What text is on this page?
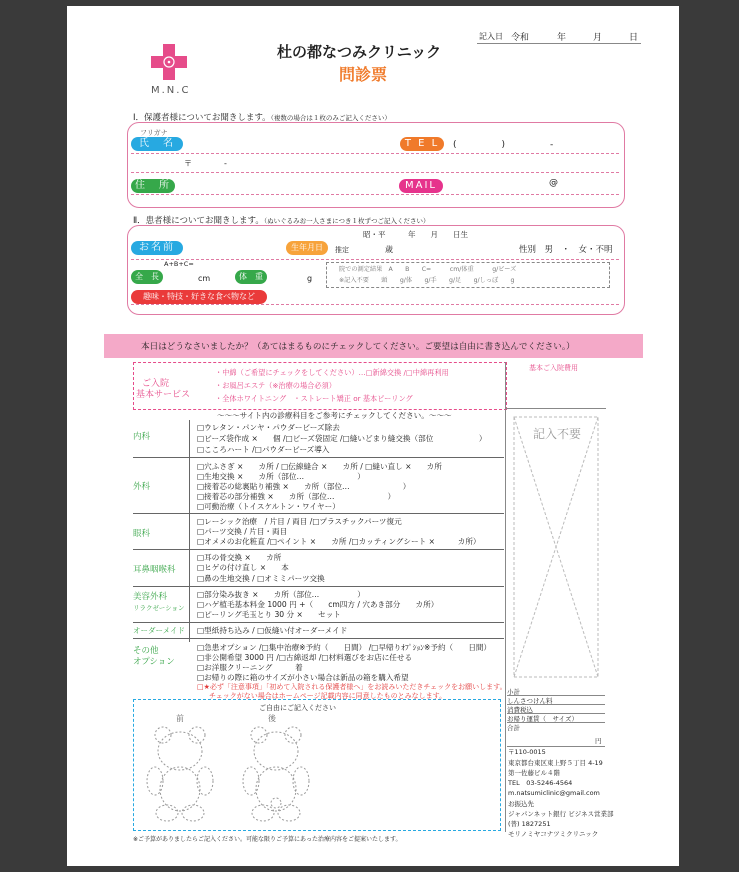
M.N.C
杜の都なつみクリニック
問診票
記入日 令和	年	月	日
Ⅰ．保護者様についてお聞きします。（複数の場合は１枚のみご記入ください）
フリガナ
氏　名	T E L	(　　　　　)　　　　　-
〒　　　　-
住　所	MAIL	@
Ⅱ．患者様についてお聞きします。（ぬいぐるみお一人さまにつき１枚ずつご記入ください）
昭・平　　　年　　月　　日生
お名前	生年月日	推定	歳	性別　男　・　女・不明
A+B+C=
全　長	cm	体　重	g
院での測定結果　A　　B　　C=　　　cm/体重　　　g/ビーズ
※記入不要　　頭　　g/体　　g/手　　g/足　　g/しっぽ　　g
趣味・特技・好きな食べ物など
本日はどうなさいましたか？（あてはまるものにチェックしてください。ご要望は自由に書き込んでください。）
ご入院
基本サービス
・中綿（ご希望にチェックをしてください）…□新綿交換 /□中綿再利用
・お風呂エステ（※治療の場合必須）
・全体ホワイトニング　・ストレート矯正 or 基本ピーリング
基本ご入院費用
記入不要
小計
しんさつけん料
消費税込
お帰り運賃（　サイズ）
合計
円
～～～サイト内の診療科目をご参考にチェックしてください。～～～
内科
□ウレタン・パンヤ・パウダービーズ除去
□ビーズ袋作成 ×　　個 /□ビーズ袋固定 /□縫いどまり縫交換（部位　　　　　　）
□こころハート /□パウダービーズ導入
外科
□穴ふさぎ ×　　カ所 / □伝線縫合 ×　　カ所 / □縫い直し ×　　カ所
□生地交換 ×　　カ所（部位…　　　　　　　）
□接着芯の総裏貼り補強 ×　　カ所（部位…　　　　　　　）
□接着芯の部分補強 ×　　カ所（部位…　　　　　　　）
□可動治療（トイスケルトン・ワイヤー）
眼科
□レーシック治療　/ 片目 / 両目 /□プラスチックパーツ復元
□パーツ交換 / 片目・両目
□オメメのお化粧直 /□ペイント ×　　カ所 /□カッティングシート ×　　　カ所）
耳鼻咽喉科
□耳の骨交換 ×　　カ所
□ヒゲの付け直し ×　　本
□鼻の生地交換 / □オミミパーツ交換
美容外科
リラクゼーション
□部分染み抜き ×　　カ所（部位…　　　　　）
□ハゲ植毛基本料金 1000 円 +（　　cm四方 / 穴あき部分　　カ所）
□ピーリング毛玉とり 30 分 ×　　セット
オーダーメイド	□型紙持ち込み / □仮縫い付オーダーメイド
その他
オプション
□急患オプション /□集中治療※予約（　　日間） /□早帰りｵﾌﾟｼｮﾝ※予約（　　日間）
□非公開希望 3000 円 /□古綿返却 /□材料選びをお店に任せる
□お洋服クリーニング　　　着
□お帰りの際に箱のサイズが小さい場合は新品の箱を購入希望
□★必ず「注意事項」「初めて入院される保護者様へ」をお読みいただきチェックをお願いします。
チェックがない場合はホームページ記載内容に同意したものとみなします。
ご自由にご記入ください
前	後
〒110-0015
東京都台東区東上野５丁目 4-19
第一佐藤ビル４階
TEL　03-5246-4564
m.natsumiclinic@gmail.com
お振込先
ジャパンネット銀行 ビジネス営業部
(普) 1827251
モリノミヤコナツミクリニック
※ご予算がありましたらご記入ください。可能な限りご予算にあった治療内容をご提案いたします。
